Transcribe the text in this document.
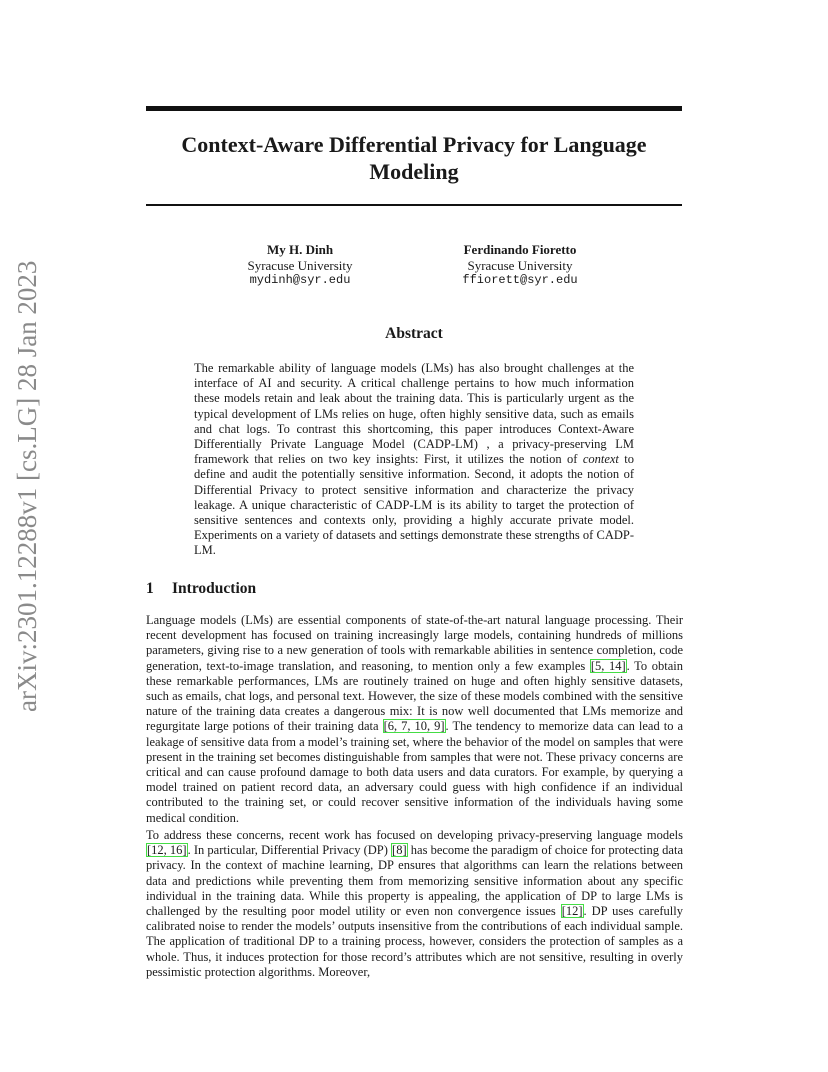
arXiv:2301.12288v1 [cs.LG] 28 Jan 2023
Context-Aware Differential Privacy for Language Modeling
My H. Dinh
Syracuse University
mydinh@syr.edu
Ferdinando Fioretto
Syracuse University
ffiorett@syr.edu
Abstract
The remarkable ability of language models (LMs) has also brought challenges at the interface of AI and security. A critical challenge pertains to how much information these models retain and leak about the training data. This is particularly urgent as the typical development of LMs relies on huge, often highly sensitive data, such as emails and chat logs. To contrast this shortcoming, this paper introduces Context-Aware Differentially Private Language Model (CADP-LM) , a privacy-preserving LM framework that relies on two key insights: First, it utilizes the notion of context to define and audit the potentially sensitive information. Second, it adopts the notion of Differential Privacy to protect sensitive information and characterize the privacy leakage. A unique characteristic of CADP-LM is its ability to target the protection of sensitive sentences and contexts only, providing a highly accurate private model. Experiments on a variety of datasets and settings demonstrate these strengths of CADP-LM.
1 Introduction
Language models (LMs) are essential components of state-of-the-art natural language processing. Their recent development has focused on training increasingly large models, containing hundreds of millions parameters, giving rise to a new generation of tools with remarkable abilities in sentence completion, code generation, text-to-image translation, and reasoning, to mention only a few examples [5, 14]. To obtain these remarkable performances, LMs are routinely trained on huge and often highly sensitive datasets, such as emails, chat logs, and personal text. However, the size of these models combined with the sensitive nature of the training data creates a dangerous mix: It is now well documented that LMs memorize and regurgitate large potions of their training data [6, 7, 10, 9]. The tendency to memorize data can lead to a leakage of sensitive data from a model’s training set, where the behavior of the model on samples that were present in the training set becomes distinguishable from samples that were not. These privacy concerns are critical and can cause profound damage to both data users and data curators. For example, by querying a model trained on patient record data, an adversary could guess with high confidence if an individual contributed to the training set, or could recover sensitive information of the individuals having some medical condition.
To address these concerns, recent work has focused on developing privacy-preserving language models [12, 16]. In particular, Differential Privacy (DP) [8] has become the paradigm of choice for protecting data privacy. In the context of machine learning, DP ensures that algorithms can learn the relations between data and predictions while preventing them from memorizing sensitive information about any specific individual in the training data. While this property is appealing, the application of DP to large LMs is challenged by the resulting poor model utility or even non convergence issues [12]. DP uses carefully calibrated noise to render the models’ outputs insensitive from the contributions of each individual sample. The application of traditional DP to a training process, however, considers the protection of samples as a whole. Thus, it induces protection for those record’s attributes which are not sensitive, resulting in overly pessimistic protection algorithms. Moreover,
